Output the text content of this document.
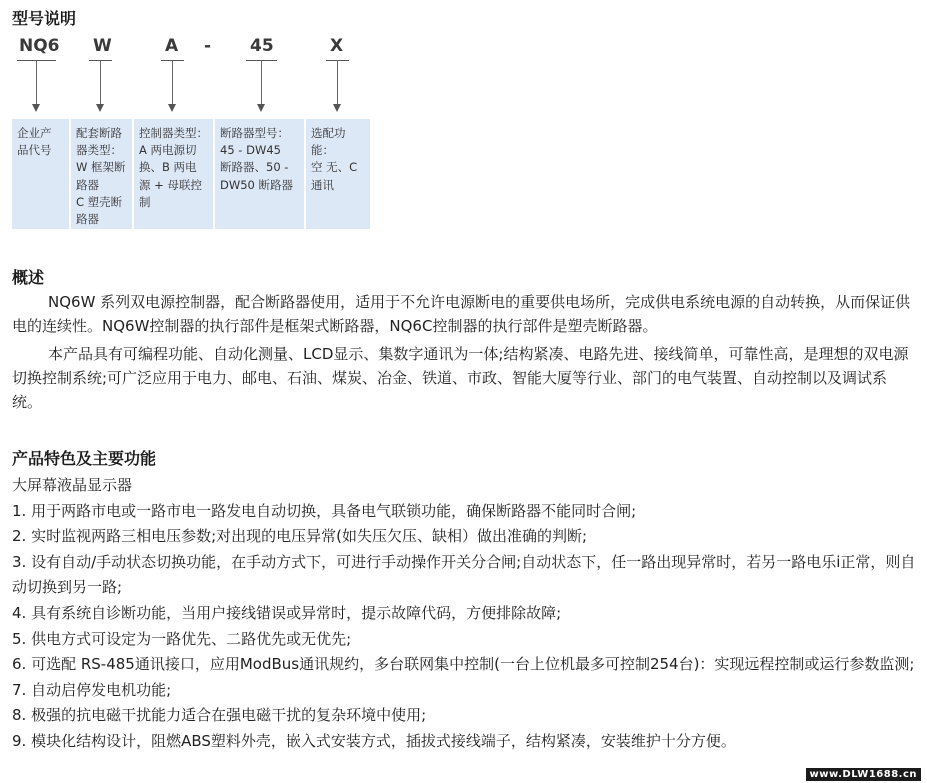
型号说明
NQ6 W	A - 45	X
企业产
品代号
配套断路
器类型：
W 框架断
路器
C 塑壳断
路器
控制器类型：
A 两电源切
换、B 两电
源 + 母联控
制
断路器型号：
45 - DW45
断路器、50 -
DW50 断路器
选配功能：
空 无、C
通讯
概述

NQ6W 系列双电源控制器，配合断路器使用，适用于不允许电源断电的重要供电场所，完成供电系统电源的自动转换，从而保证供电的连续性。NQ6W控制器的执行部件是框架式断路器，NQ6C控制器的执行部件是塑壳断路器。

本产品具有可编程功能、自动化测量、LCD显示、集数字通讯为一体;结构紧凑、电路先进、接线简单，可靠性高，是理想的双电源切换控制系统;可广泛应用于电力、邮电、石油、煤炭、冶金、铁道、市政、智能大厦等行业、部门的电气装置、自动控制以及调试系统。

产品特色及主要功能
大屏幕液晶显示器
1. 用于两路市电或一路市电一路发电自动切换，具备电气联锁功能，确保断路器不能同时合闸;
2. 实时监视两路三相电压参数;对出现的电压异常(如失压欠压、缺相）做出准确的判断;
3. 设有自动/手动状态切换功能，在手动方式下，可进行手动操作开关分合闸;自动状态下，任一路出现异常时，若另一路电乐i正常，则自动切换到另一路;
4. 具有系统自诊断功能，当用户接线错误或异常时，提示故障代码，方便排除故障;
5. 供电方式可设定为一路优先、二路优先或无优先;
6. 可选配 RS-485通讯接口，应用ModBus通讯规约，多台联网集中控制(一台上位机最多可控制254台)：实现远程控制或运行参数监测;
7. 自动启停发电机功能;
8. 极强的抗电磁干扰能力适合在强电磁干扰的复杂环境中使用;
9. 模块化结构设计，阻燃ABS塑料外壳，嵌入式安装方式，插拔式接线端子，结构紧凑，安装维护十分方便。
www.DLW1688.cn
